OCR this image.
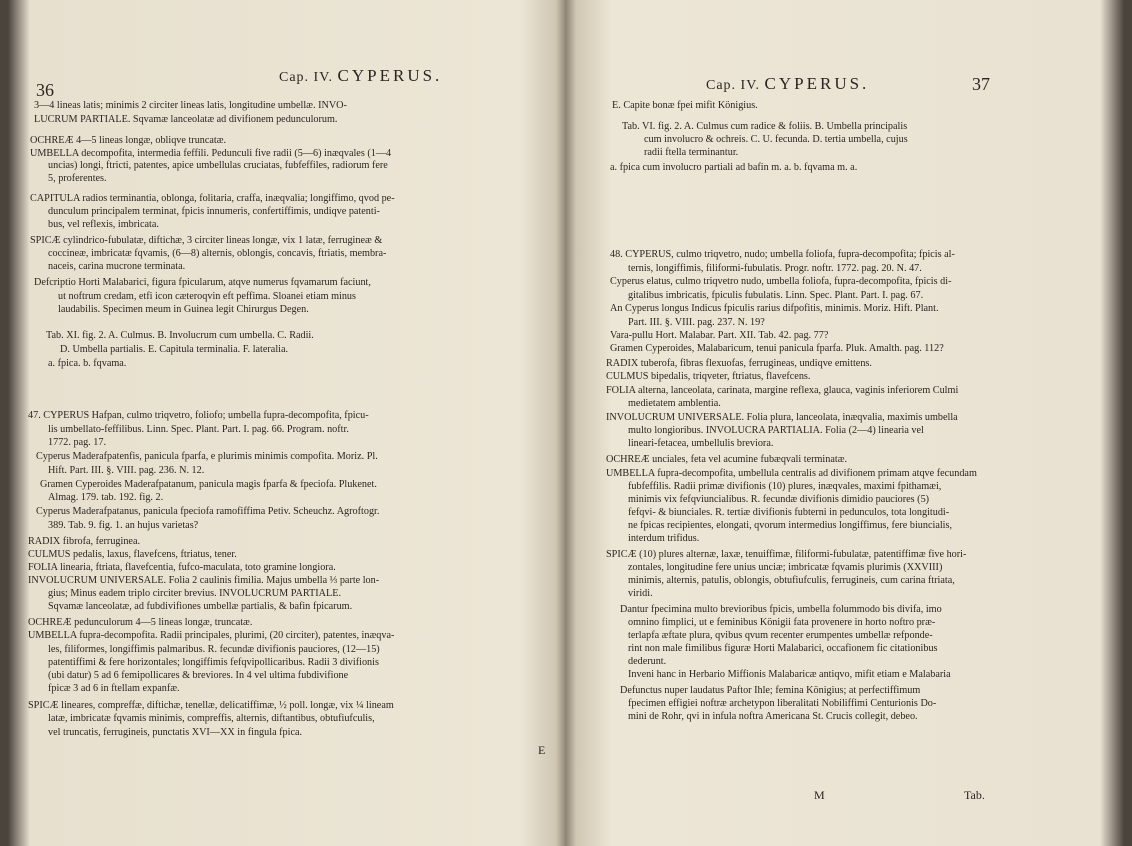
36
Cap. IV. CYPERUS.
3—4 lineas latis; minimis 2 circiter lineas latis, longitudine umbellæ. INVO-
LUCRUM PARTIALE. Sqvamæ lanceolatæ ad divifionem pedunculorum.
OCHREÆ 4—5 lineas longæ, obliqve truncatæ.
UMBELLA decompofita, intermedia feffili. Pedunculi five radii (5—6) inæqvales (1—4
uncias) longi, ftricti, patentes, apice umbellulas cruciatas, fubfeffiles, radiorum fere
5, proferentes.
CAPITULA radios terminantia, oblonga, folitaria, craffa, inæqvalia; longiffimo, qvod pe-
dunculum principalem terminat, fpicis innumeris, confertiffimis, undiqve patenti-
bus, vel reflexis, imbricata.
SPICÆ cylindrico-fubulatæ, diftichæ, 3 circiter lineas longæ, vix 1 latæ, ferrugineæ &
coccineæ, imbricatæ fqvamis, (6—8) alternis, oblongis, concavis, ftriatis, membra-
naceis, carina mucrone terminata.
Defcriptio Horti Malabarici, figura fpicularum, atqve numerus fqvamarum faciunt,
ut noftrum credam, etfi icon cæteroqvin eft peffima. Sloanei etiam minus
laudabilis. Specimen meum in Guinea legit Chirurgus Degen.
Tab. XI. fig. 2. A. Culmus. B. Involucrum cum umbella. C. Radii.
D. Umbella partialis. E. Capitula terminalia. F. lateralia.
a. fpica. b. fqvama.
47. CYPERUS Hafpan, culmo triqvetro, foliofo; umbella fupra-decompofita, fpicu-
lis umbellato-feffilibus. Linn. Spec. Plant. Part. I. pag. 66. Program. noftr.
1772. pag. 17.
Cyperus Maderafpatenfis, panicula fparfa, e plurimis minimis compofita. Moriz. Pl.
Hift. Part. III. §. VIII. pag. 236. N. 12.
Gramen Cyperoides Maderafpatanum, panicula magis fparfa & fpeciofa. Plukenet.
Almag. 179. tab. 192. fig. 2.
Cyperus Maderafpatanus, panicula fpeciofa ramofiffima Petiv. Scheuchz. Agroftogr.
389. Tab. 9. fig. 1. an hujus varietas?
RADIX fibrofa, ferruginea.
CULMUS pedalis, laxus, flavefcens, ftriatus, tener.
FOLIA linearia, ftriata, flavefcentia, fufco-maculata, toto gramine longiora.
INVOLUCRUM UNIVERSALE. Folia 2 caulinis fimilia. Majus umbella ⅓ parte lon-
gius; Minus eadem triplo circiter brevius. INVOLUCRUM PARTIALE.
Sqvamæ lanceolatæ, ad fubdivifiones umbellæ partialis, & bafin fpicarum.
OCHREÆ pedunculorum 4—5 lineas longæ, truncatæ.
UMBELLA fupra-decompofita. Radii principales, plurimi, (20 circiter), patentes, inæqva-
les, filiformes, longiffimis palmaribus. R. fecundæ divifionis pauciores, (12—15)
patentiffimi & fere horizontales; longiffimis fefqvipollicaribus. Radii 3 divifionis
(ubi datur) 5 ad 6 femipollicares & breviores. In 4 vel ultima fubdivifione
fpicæ 3 ad 6 in ftellam expanfæ.
SPICÆ lineares, compreffæ, diftichæ, tenellæ, delicatiffimæ, ½ poll. longæ, vix ¼ lineam
latæ, imbricatæ fqvamis minimis, compreffis, alternis, diftantibus, obtufiufculis,
vel truncatis, ferrugineis, punctatis XVI—XX in fingula fpica.
E
Cap. IV. CYPERUS.	37
E. Capite bonæ fpei mifit Königius.
Tab. VI. fig. 2. A. Culmus cum radice & foliis. B. Umbella principalis
cum involucro & ochreis. C. U. fecunda. D. tertia umbella, cujus
radii ftella terminantur.
a. fpica cum involucro partiali ad bafin m. a. b. fqvama m. a.
48. CYPERUS, culmo triqvetro, nudo; umbella foliofa, fupra-decompofita; fpicis al-
ternis, longiffimis, filiformi-fubulatis. Progr. noftr. 1772. pag. 20. N. 47.
Cyperus elatus, culmo triqvetro nudo, umbella foliofa, fupra-decompofita, fpicis di-
gitalibus imbricatis, fpiculis fubulatis. Linn. Spec. Plant. Part. I. pag. 67.
An Cyperus longus Indicus fpiculis rarius difpofitis, minimis. Moriz. Hift. Plant.
Part. III. §. VIII. pag. 237. N. 19?
Vara-pullu Hort. Malabar. Part. XII. Tab. 42. pag. 77?
Gramen Cyperoides, Malabaricum, tenui panicula fparfa. Pluk. Amalth. pag. 112?
RADIX tuberofa, fibras flexuofas, ferrugineas, undiqve emittens.
CULMUS bipedalis, triqveter, ftriatus, flavefcens.
FOLIA alterna, lanceolata, carinata, margine reflexa, glauca, vaginis inferiorem Culmi
medietatem amblentia.
INVOLUCRUM UNIVERSALE. Folia plura, lanceolata, inæqvalia, maximis umbella
multo longioribus. INVOLUCRA PARTIALIA. Folia (2—4) linearia vel
lineari-fetacea, umbellulis breviora.
OCHREÆ unciales, feta vel acumine fubæqvali terminatæ.
UMBELLA fupra-decompofita, umbellula centralis ad divifionem primam atqve fecundam
fubfeffilis. Radii primæ divifionis (10) plures, inæqvales, maximi fpithamæi,
minimis vix fefqviuncialibus. R. fecundæ divifionis dimidio pauciores (5)
fefqvi- & biunciales. R. tertiæ divifionis fubterni in pedunculos, tota longitudi-
ne fpicas recipientes, elongati, qvorum intermedius longiffimus, fere biuncialis,
interdum trifidus.
SPICÆ (10) plures alternæ, laxæ, tenuiffimæ, filiformi-fubulatæ, patentiffimæ five hori-
zontales, longitudine fere unius unciæ; imbricatæ fqvamis plurimis (XXVIII)
minimis, alternis, patulis, oblongis, obtufiufculis, ferrugineis, cum carina ftriata,
viridi.
Dantur fpecimina multo brevioribus fpicis, umbella folummodo bis divifa, imo
omnino fimplici, ut e feminibus Königii fata provenere in horto noftro præ-
terlapfa æftate plura, qvibus qvum recenter erumpentes umbellæ refponde-
rint non male fimilibus figuræ Horti Malabarici, occafionem fic citationibus
dederunt.
Inveni hanc in Herbario Miffionis Malabaricæ antiqvo, mifit etiam e Malabaria
Defunctus nuper laudatus Paftor Ihle; femina Königius; at perfectiffimum
fpecimen effigiei noftræ archetypon liberalitati Nobiliffimi Centurionis Do-
mini de Rohr, qvi in infula noftra Americana St. Crucis collegit, debeo.
M	Tab.
